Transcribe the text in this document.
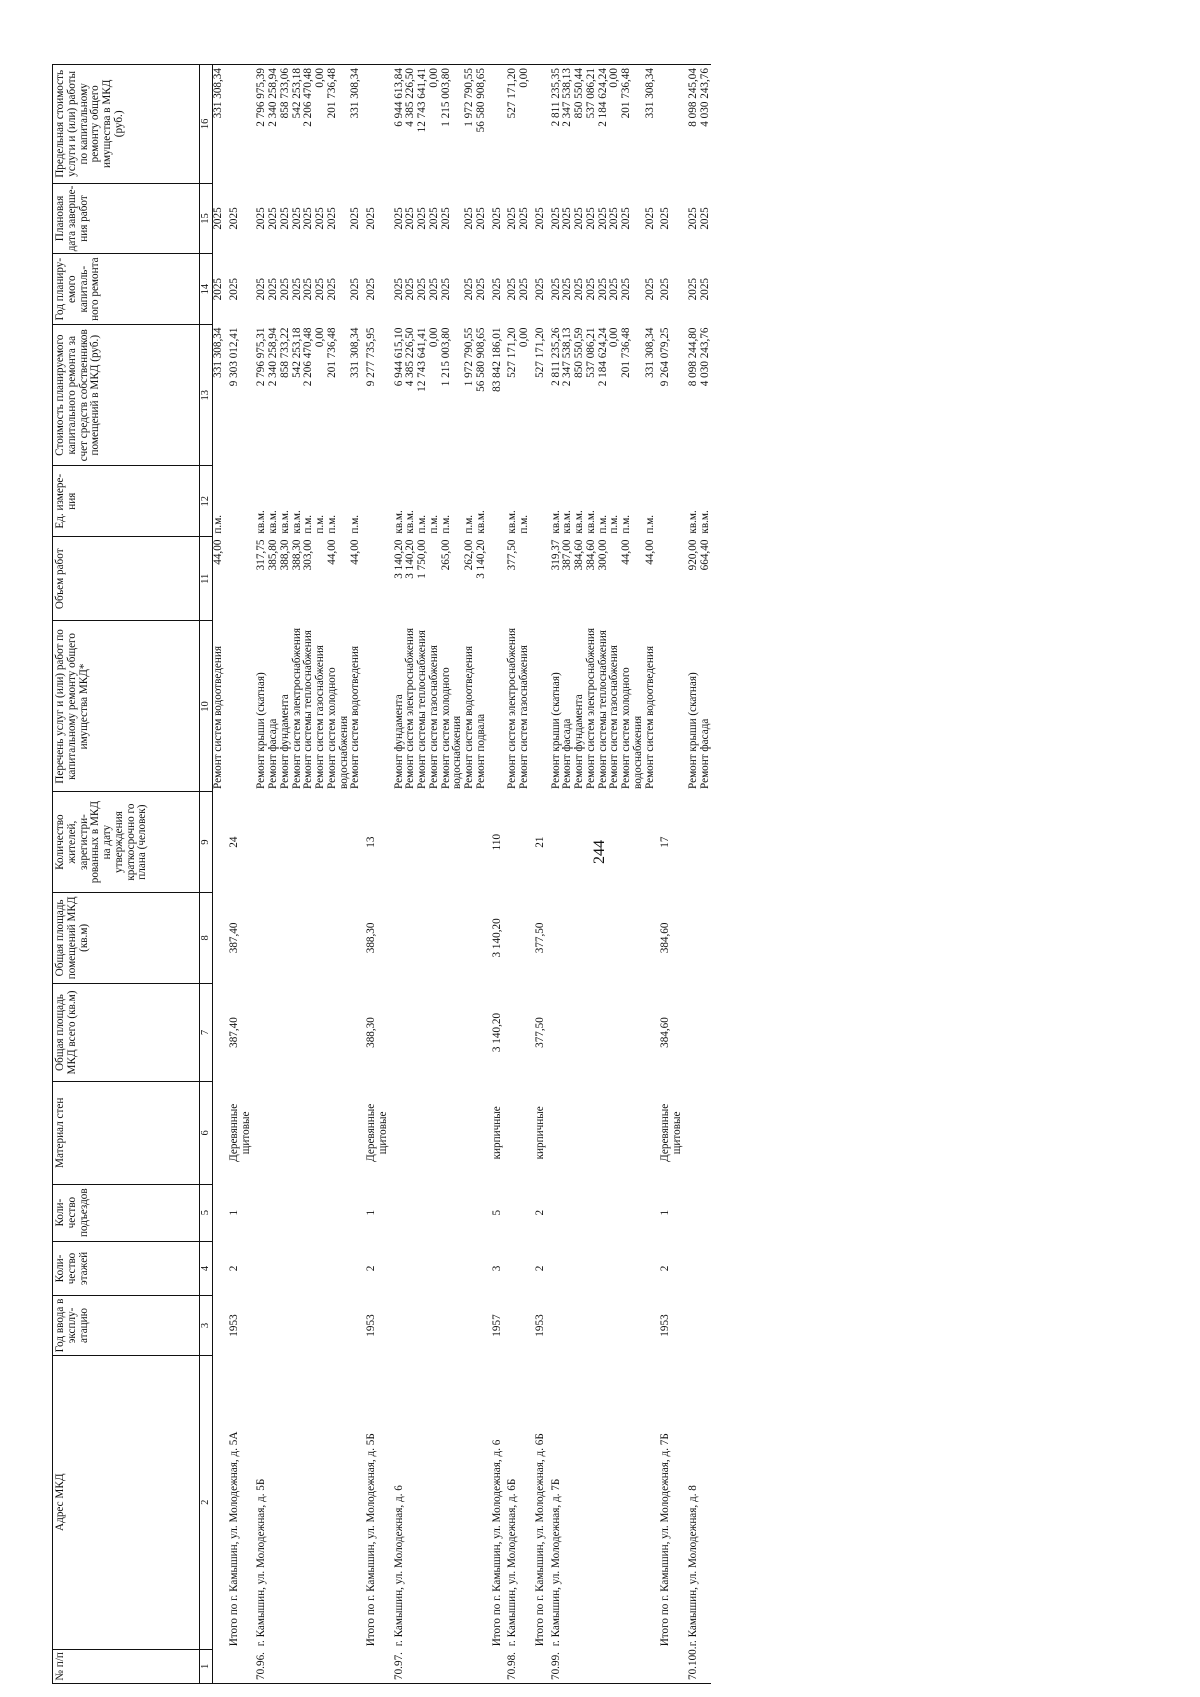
244
№ п/п	Адрес МКД	Год ввода в эксплу-атацию	Коли-чество этажей	Коли-чество подъездов	Материал стен	Общая площадь МКД всего (кв.м)	Общая площадь помещений МКД (кв.м)	Количество жителей, зарегистри-рованных в МКД на дату утверждения краткосрочно го плана (человек)	Перечень услуг и (или) работ по капитальному ремонту общего имущества МКД*	Объем работ	Ед. измере-ния	Стоимость планируемого капитального ремонта за счет средств собственников помещений в МКД (руб.)	Год планиру-емого капиталь-ного ремонта	Плановая дата заверше-ния работ	Предельная стоимость услуги и (или) работы по капитальному ремонту общего имущества в МКД (руб.)
1	2	3	4	5	6	7	8	9	10	11	12	13	14	15	16
									Ремонт систем водоотведения	44,00	п.м.	331 308,34	2025	2025	331 308,34

	Итого по г. Камышин, ул. Молодежная, д. 5А	1953	2	1	Деревянные щитовые	387,40	387,40	24				9 303 012,41	2025	2025	

70.96.	г. Камышин, ул. Молодежная, д. 5Б								Ремонт крыши (скатная)	317,75	кв.м.	2 796 975,31	2025	2025	2 796 975,39
									Ремонт фасада	385,80	кв.м.	2 340 258,94	2025	2025	2 340 258,94
									Ремонт фундамента	388,30	кв.м.	858 733,22	2025	2025	858 733,06
									Ремонт систем электроснабжения	388,30	кв.м.	542 253,18	2025	2025	542 253,18
									Ремонт системы теплоснабжения	303,00	п.м.	2 206 470,48	2025	2025	2 206 470,48
									Ремонт систем газоснабжения		п.м.	0,00	2025	2025	0,00
									Ремонт систем холодного водоснабжения	44,00	п.м.	201 736,48	2025	2025	201 736,48
									Ремонт систем водоотведения	44,00	п.м.	331 308,34	2025	2025	331 308,34

	Итого по г. Камышин, ул. Молодежная, д. 5Б	1953	2	1	Деревянные щитовые	388,30	388,30	13				9 277 735,95	2025	2025	

70.97.	г. Камышин, ул. Молодежная, д. 6								Ремонт фундамента	3 140,20	кв.м.	6 944 615,10	2025	2025	6 944 613,84
									Ремонт систем электроснабжения	3 140,20	кв.м.	4 385 226,50	2025	2025	4 385 226,50
									Ремонт системы теплоснабжения	1 750,00	п.м.	12 743 641,41	2025	2025	12 743 641,41
									Ремонт систем газоснабжения		п.м.	0,00	2025	2025	0,00
									Ремонт систем холодного водоснабжения	265,00	п.м.	1 215 003,80	2025	2025	1 215 003,80
									Ремонт систем водоотведения	262,00	п.м.	1 972 790,55	2025	2025	1 972 790,55
									Ремонт подвала	3 140,20	кв.м.	56 580 908,65	2025	2025	56 580 908,65

	Итого по г. Камышин, ул. Молодежная, д. 6	1957	3	5	кирпичные	3 140,20	3 140,20	110				83 842 186,01	2025	2025	

70.98.	г. Камышин, ул. Молодежная, д. 6Б								Ремонт систем электроснабжения	377,50	кв.м.	527 171,20	2025	2025	527 171,20
									Ремонт систем газоснабжения		п.м.	0,00	2025	2025	0,00

	Итого по г. Камышин, ул. Молодежная, д. 6Б	1953	2	2	кирпичные	377,50	377,50	21				527 171,20	2025	2025	

70.99.	г. Камышин, ул. Молодежная, д. 7Б								Ремонт крыши (скатная)	319,37	кв.м.	2 811 235,26	2025	2025	2 811 235,35
									Ремонт фасада	387,00	кв.м.	2 347 538,13	2025	2025	2 347 538,13
									Ремонт фундамента	384,60	кв.м.	850 550,59	2025	2025	850 550,44
									Ремонт систем электроснабжения	384,60	кв.м.	537 086,21	2025	2025	537 086,21
									Ремонт системы теплоснабжения	300,00	п.м.	2 184 624,24	2025	2025	2 184 624,24
									Ремонт систем газоснабжения		п.м.	0,00	2025	2025	0,00
									Ремонт систем холодного водоснабжения	44,00	п.м.	201 736,48	2025	2025	201 736,48
									Ремонт систем водоотведения	44,00	п.м.	331 308,34	2025	2025	331 308,34

	Итого по г. Камышин, ул. Молодежная, д. 7Б	1953	2	1	Деревянные щитовые	384,60	384,60	17				9 264 079,25	2025	2025	

70.100.	г. Камышин, ул. Молодежная, д. 8								Ремонт крыши (скатная)	920,00	кв.м.	8 098 244,80	2025	2025	8 098 245,04
									Ремонт фасада	664,40	кв.м.	4 030 243,76	2025	2025	4 030 243,76
